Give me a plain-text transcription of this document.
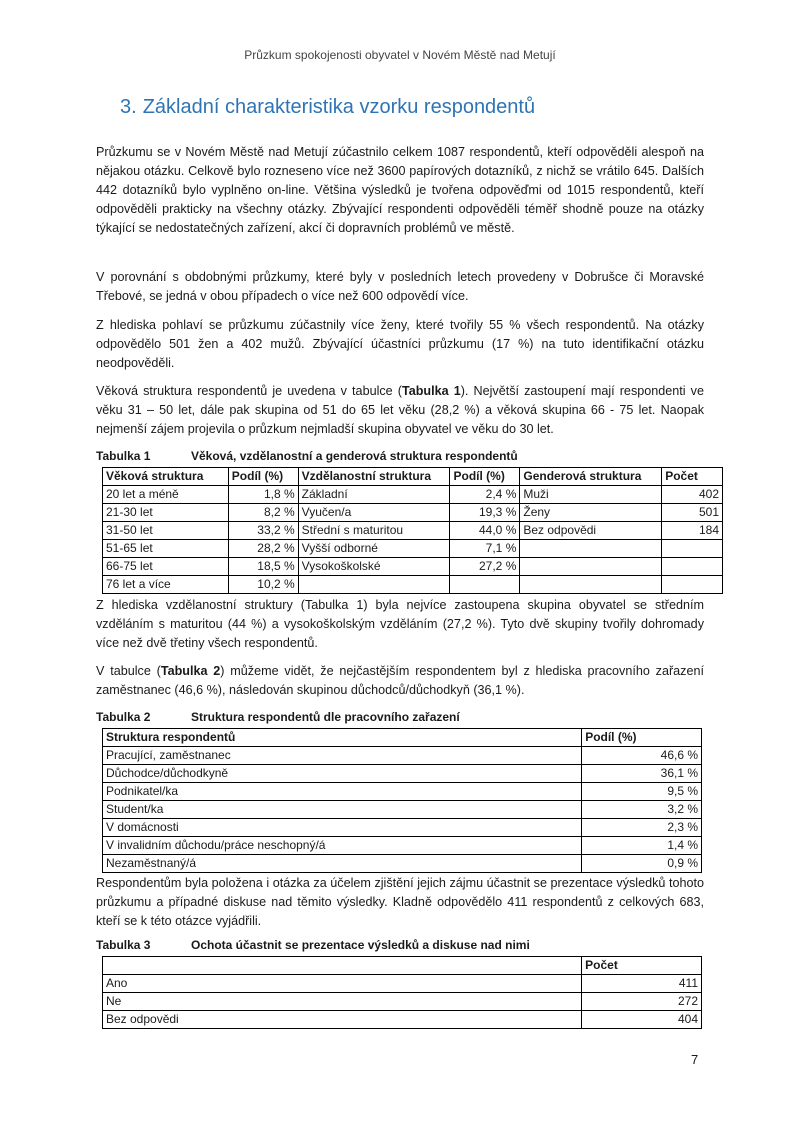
Průzkum spokojenosti obyvatel v Novém Městě nad Metují
3. Základní charakteristika vzorku respondentů

Průzkumu se v Novém Městě nad Metují zúčastnilo celkem 1087 respondentů, kteří odpověděli alespoň na nějakou otázku. Celkově bylo rozneseno více než 3600 papírových dotazníků, z nichž se vrátilo 645. Dalších 442 dotazníků bylo vyplněno on-line. Většina výsledků je tvořena odpověďmi od 1015 respondentů, kteří odpověděli prakticky na všechny otázky. Zbývající respondenti odpověděli téměř shodně pouze na otázky týkající se nedostatečných zařízení, akcí či dopravních problémů ve městě.

V porovnání s obdobnými průzkumy, které byly v posledních letech provedeny v Dobrušce či Moravské Třebové, se jedná v obou případech o více než 600 odpovědí více.

Z hlediska pohlaví se průzkumu zúčastnily více ženy, které tvořily 55 % všech respondentů. Na otázky odpovědělo 501 žen a 402 mužů. Zbývající účastníci průzkumu (17 %) na tuto identifikační otázku neodpověděli.

Věková struktura respondentů je uvedena v tabulce (Tabulka 1). Největší zastoupení mají respondenti ve věku 31 – 50 let, dále pak skupina od 51 do 65 let věku (28,2 %) a věková skupina 66 - 75 let. Naopak nejmenší zájem projevila o průzkum nejmladší skupina obyvatel ve věku do 30 let.

Tabulka 1	Věková, vzdělanostní a genderová struktura respondentů
Věková struktura	Podíl (%)	Vzdělanostní struktura	Podíl (%)	Genderová struktura	Počet
20 let a méně	1,8 %	Základní	2,4 %	Muži	402
21-30 let	8,2 %	Vyučen/a	19,3 %	Ženy	501
31-50 let	33,2 %	Střední s maturitou	44,0 %	Bez odpovědi	184
51-65 let	28,2 %	Vyšší odborné	7,1 %		
66-75 let	18,5 %	Vysokoškolské	27,2 %		
76 let a více	10,2 %				

Z hlediska vzdělanostní struktury (Tabulka 1) byla nejvíce zastoupena skupina obyvatel se středním vzděláním s maturitou (44 %) a vysokoškolským vzděláním (27,2 %). Tyto dvě skupiny tvořily dohromady více než dvě třetiny všech respondentů.

V tabulce (Tabulka 2) můžeme vidět, že nejčastějším respondentem byl z hlediska pracovního zařazení zaměstnanec (46,6 %), následován skupinou důchodců/důchodkyň (36,1 %).

Tabulka 2	Struktura respondentů dle pracovního zařazení
Struktura respondentů	Podíl (%)
Pracující, zaměstnanec	46,6 %
Důchodce/důchodkyně	36,1 %
Podnikatel/ka	9,5 %
Student/ka	3,2 %
V domácnosti	2,3 %
V invalidním důchodu/práce neschopný/á	1,4 %
Nezaměstnaný/á	0,9 %

Respondentům byla položena i otázka za účelem zjištění jejich zájmu účastnit se prezentace výsledků tohoto průzkumu a případné diskuse nad těmito výsledky. Kladně odpovědělo 411 respondentů z celkových 683, kteří se k této otázce vyjádřili.

Tabulka 3	Ochota účastnit se prezentace výsledků a diskuse nad nimi
	Počet
Ano	411
Ne	272
Bez odpovědi	404
7
